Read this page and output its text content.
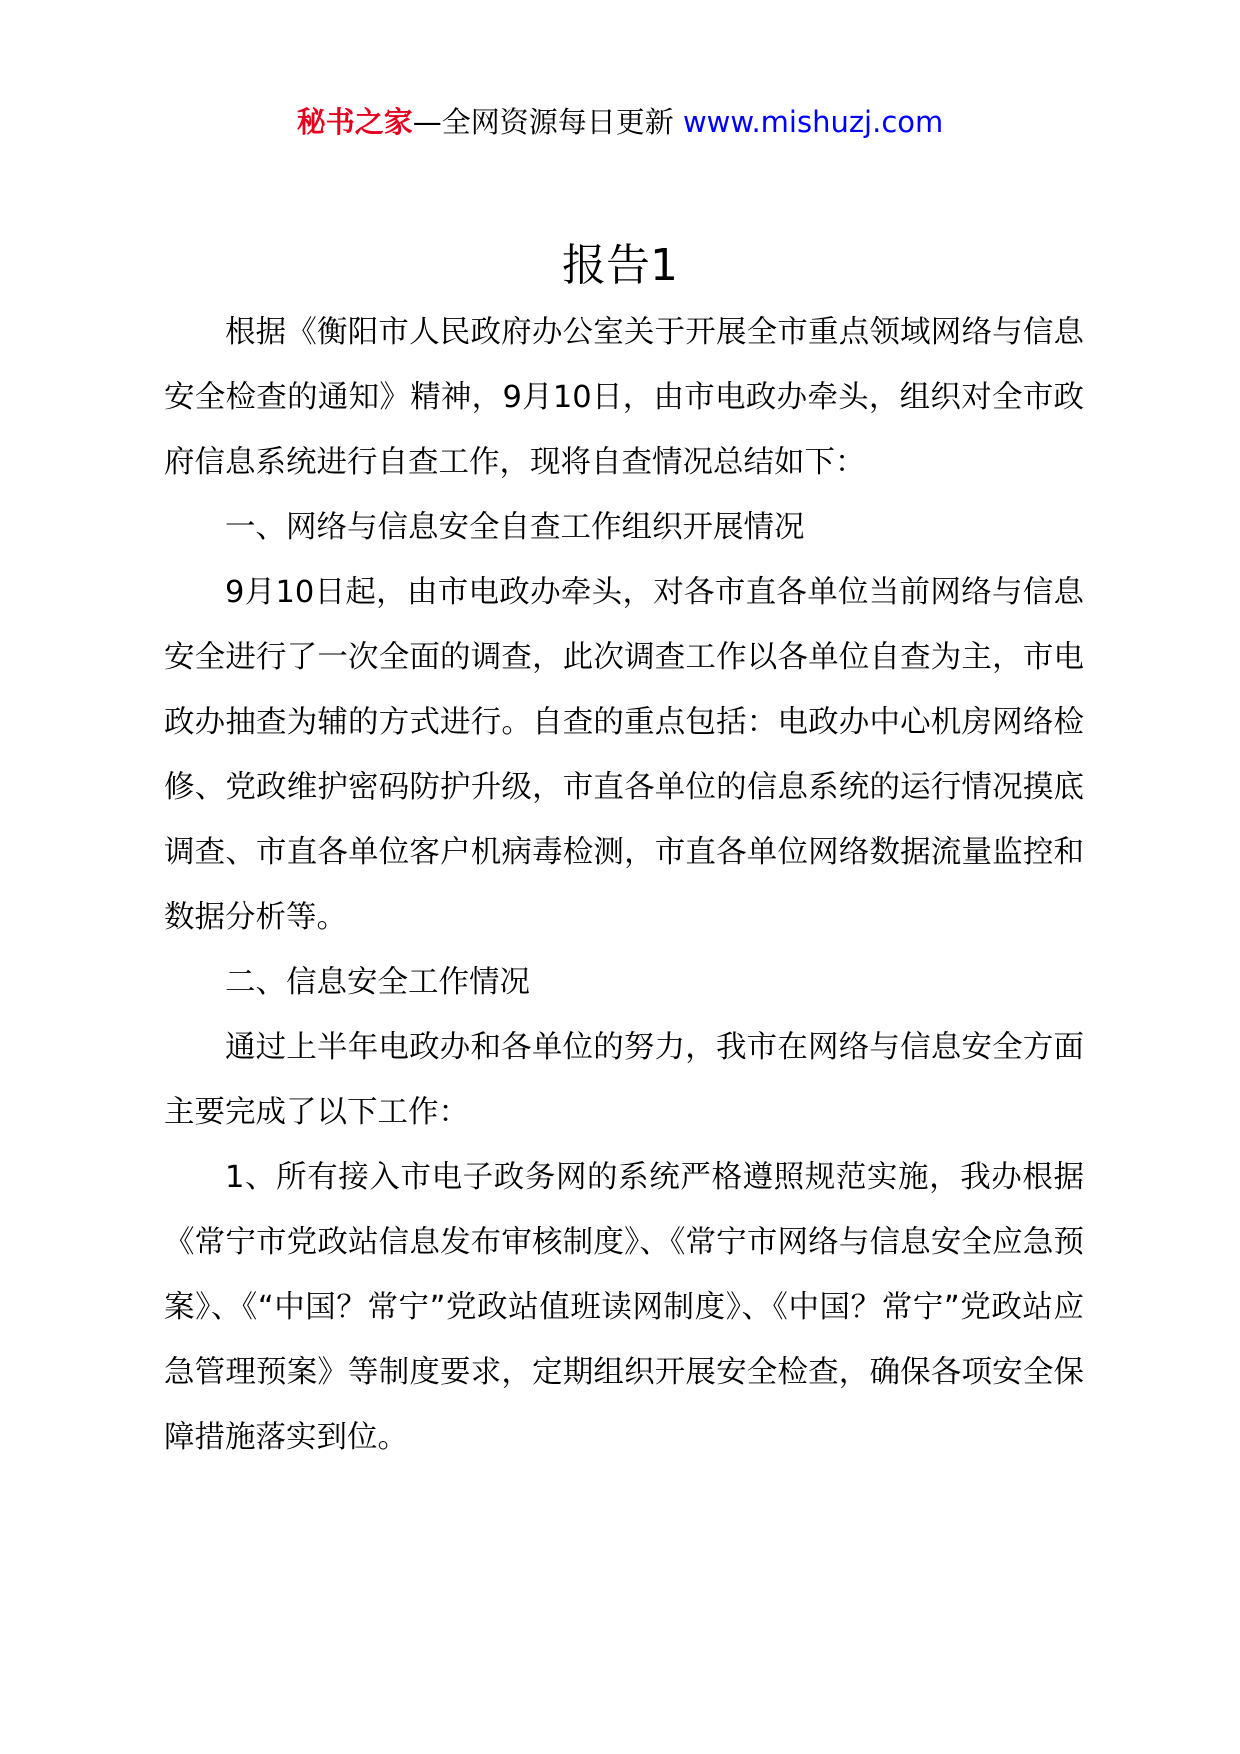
秘书之家—全网资源每日更新 www.mishuzj.com
报告1

根据《衡阳市人民政府办公室关于开展全市重点领域网络与信息安全检查的通知》精神，9月10日，由市电政办牵头，组织对全市政府信息系统进行自查工作，现将自查情况总结如下：

一、网络与信息安全自查工作组织开展情况

9月10日起，由市电政办牵头，对各市直各单位当前网络与信息安全进行了一次全面的调查，此次调查工作以各单位自查为主，市电政办抽查为辅的方式进行。自查的重点包括：电政办中心机房网络检修、党政维护密码防护升级，市直各单位的信息系统的运行情况摸底调查、市直各单位客户机病毒检测，市直各单位网络数据流量监控和数据分析等。

二、信息安全工作情况

通过上半年电政办和各单位的努力，我市在网络与信息安全方面主要完成了以下工作：

1、所有接入市电子政务网的系统严格遵照规范实施，我办根据《常宁市党政站信息发布审核制度》、《常宁市网络与信息安全应急预案》、《“中国？常宁”党政站值班读网制度》、《中国？常宁”党政站应急管理预案》等制度要求，定期组织开展安全检查，确保各项安全保障措施落实到位。
